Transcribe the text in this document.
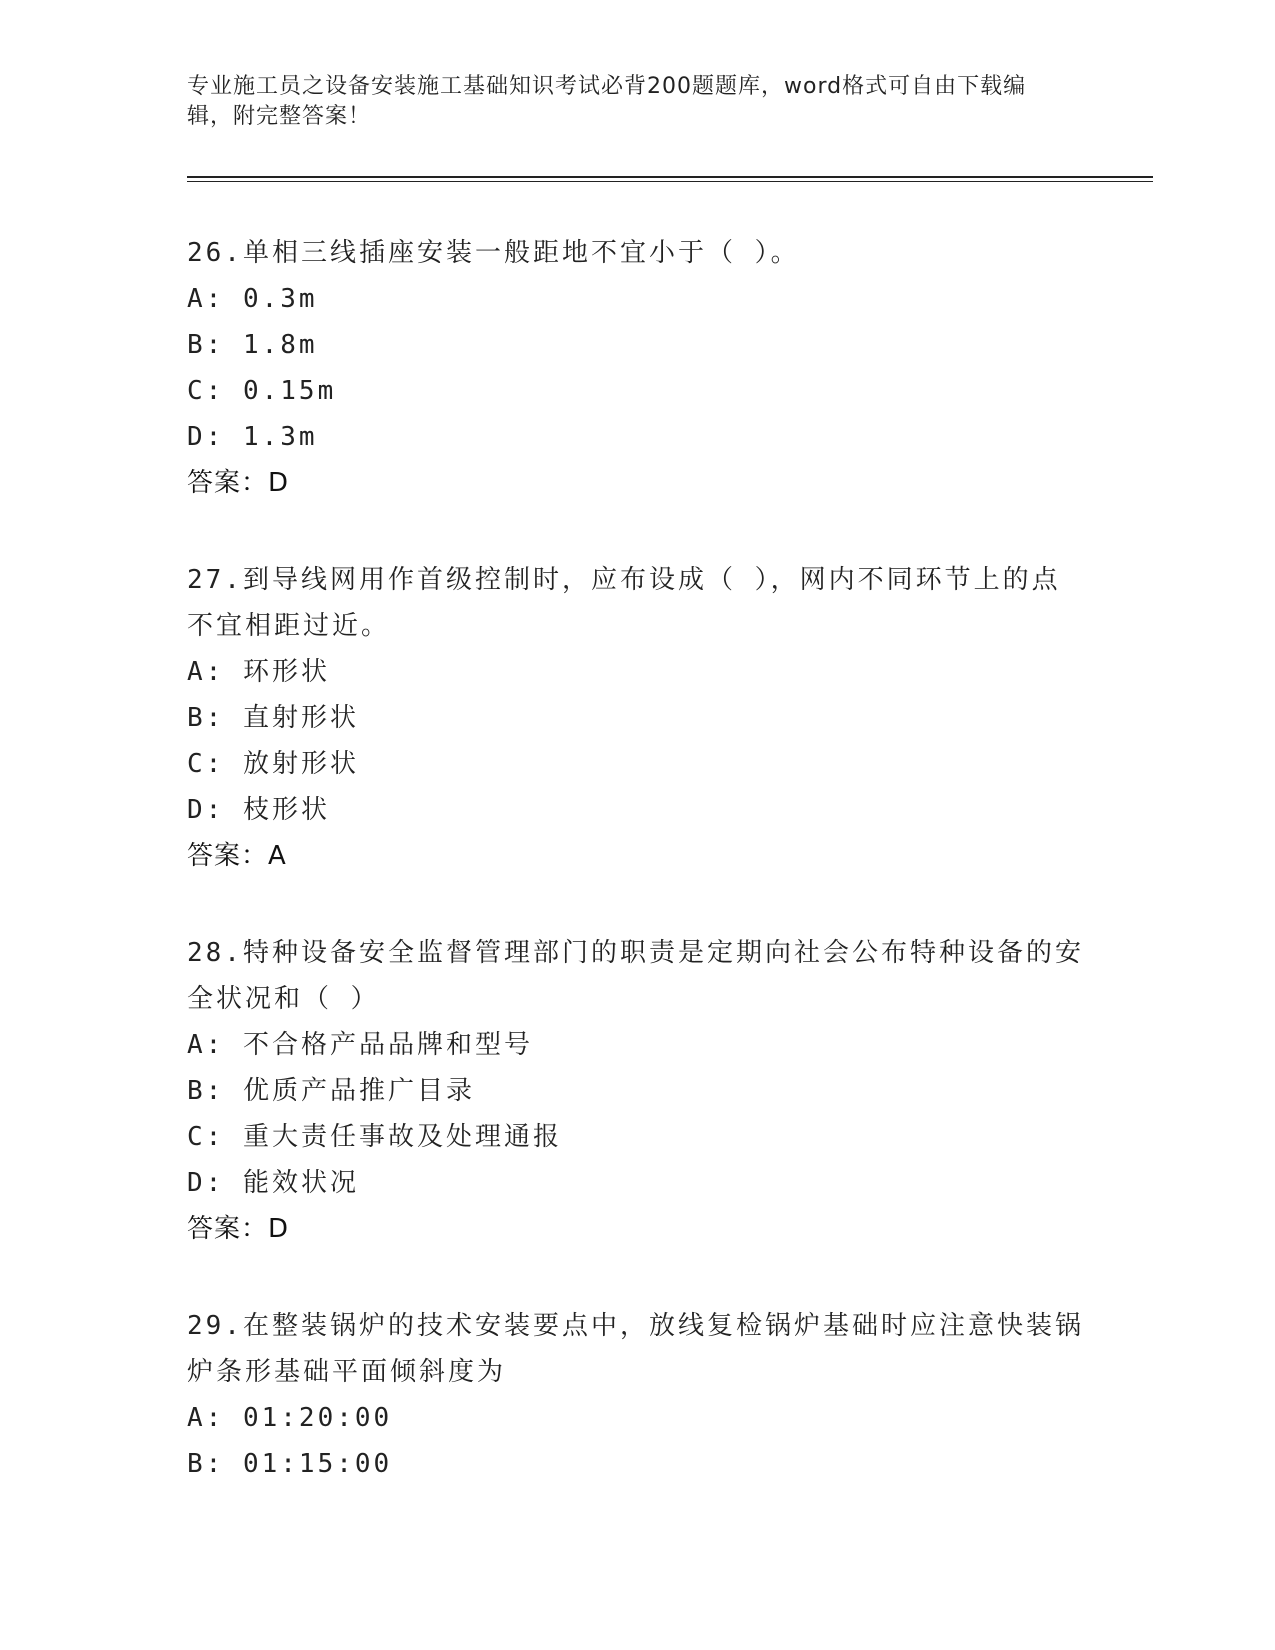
专业施工员之设备安装施工基础知识考试必背200题题库，word格式可自由下载编辑，附完整答案！
26.单相三线插座安装一般距地不宜小于（ ）。
A: 0.3m
B: 1.8m
C: 0.15m
D: 1.3m
答案：D
27.到导线网用作首级控制时，应布设成（ ），网内不同环节上的点不宜相距过近。
A: 环形状
B: 直射形状
C: 放射形状
D: 枝形状
答案：A
28.特种设备安全监督管理部门的职责是定期向社会公布特种设备的安全状况和（ ）
A: 不合格产品品牌和型号
B: 优质产品推广目录
C: 重大责任事故及处理通报
D: 能效状况
答案：D
29.在整装锅炉的技术安装要点中，放线复检锅炉基础时应注意快装锅炉条形基础平面倾斜度为
A: 01:20:00
B: 01:15:00
